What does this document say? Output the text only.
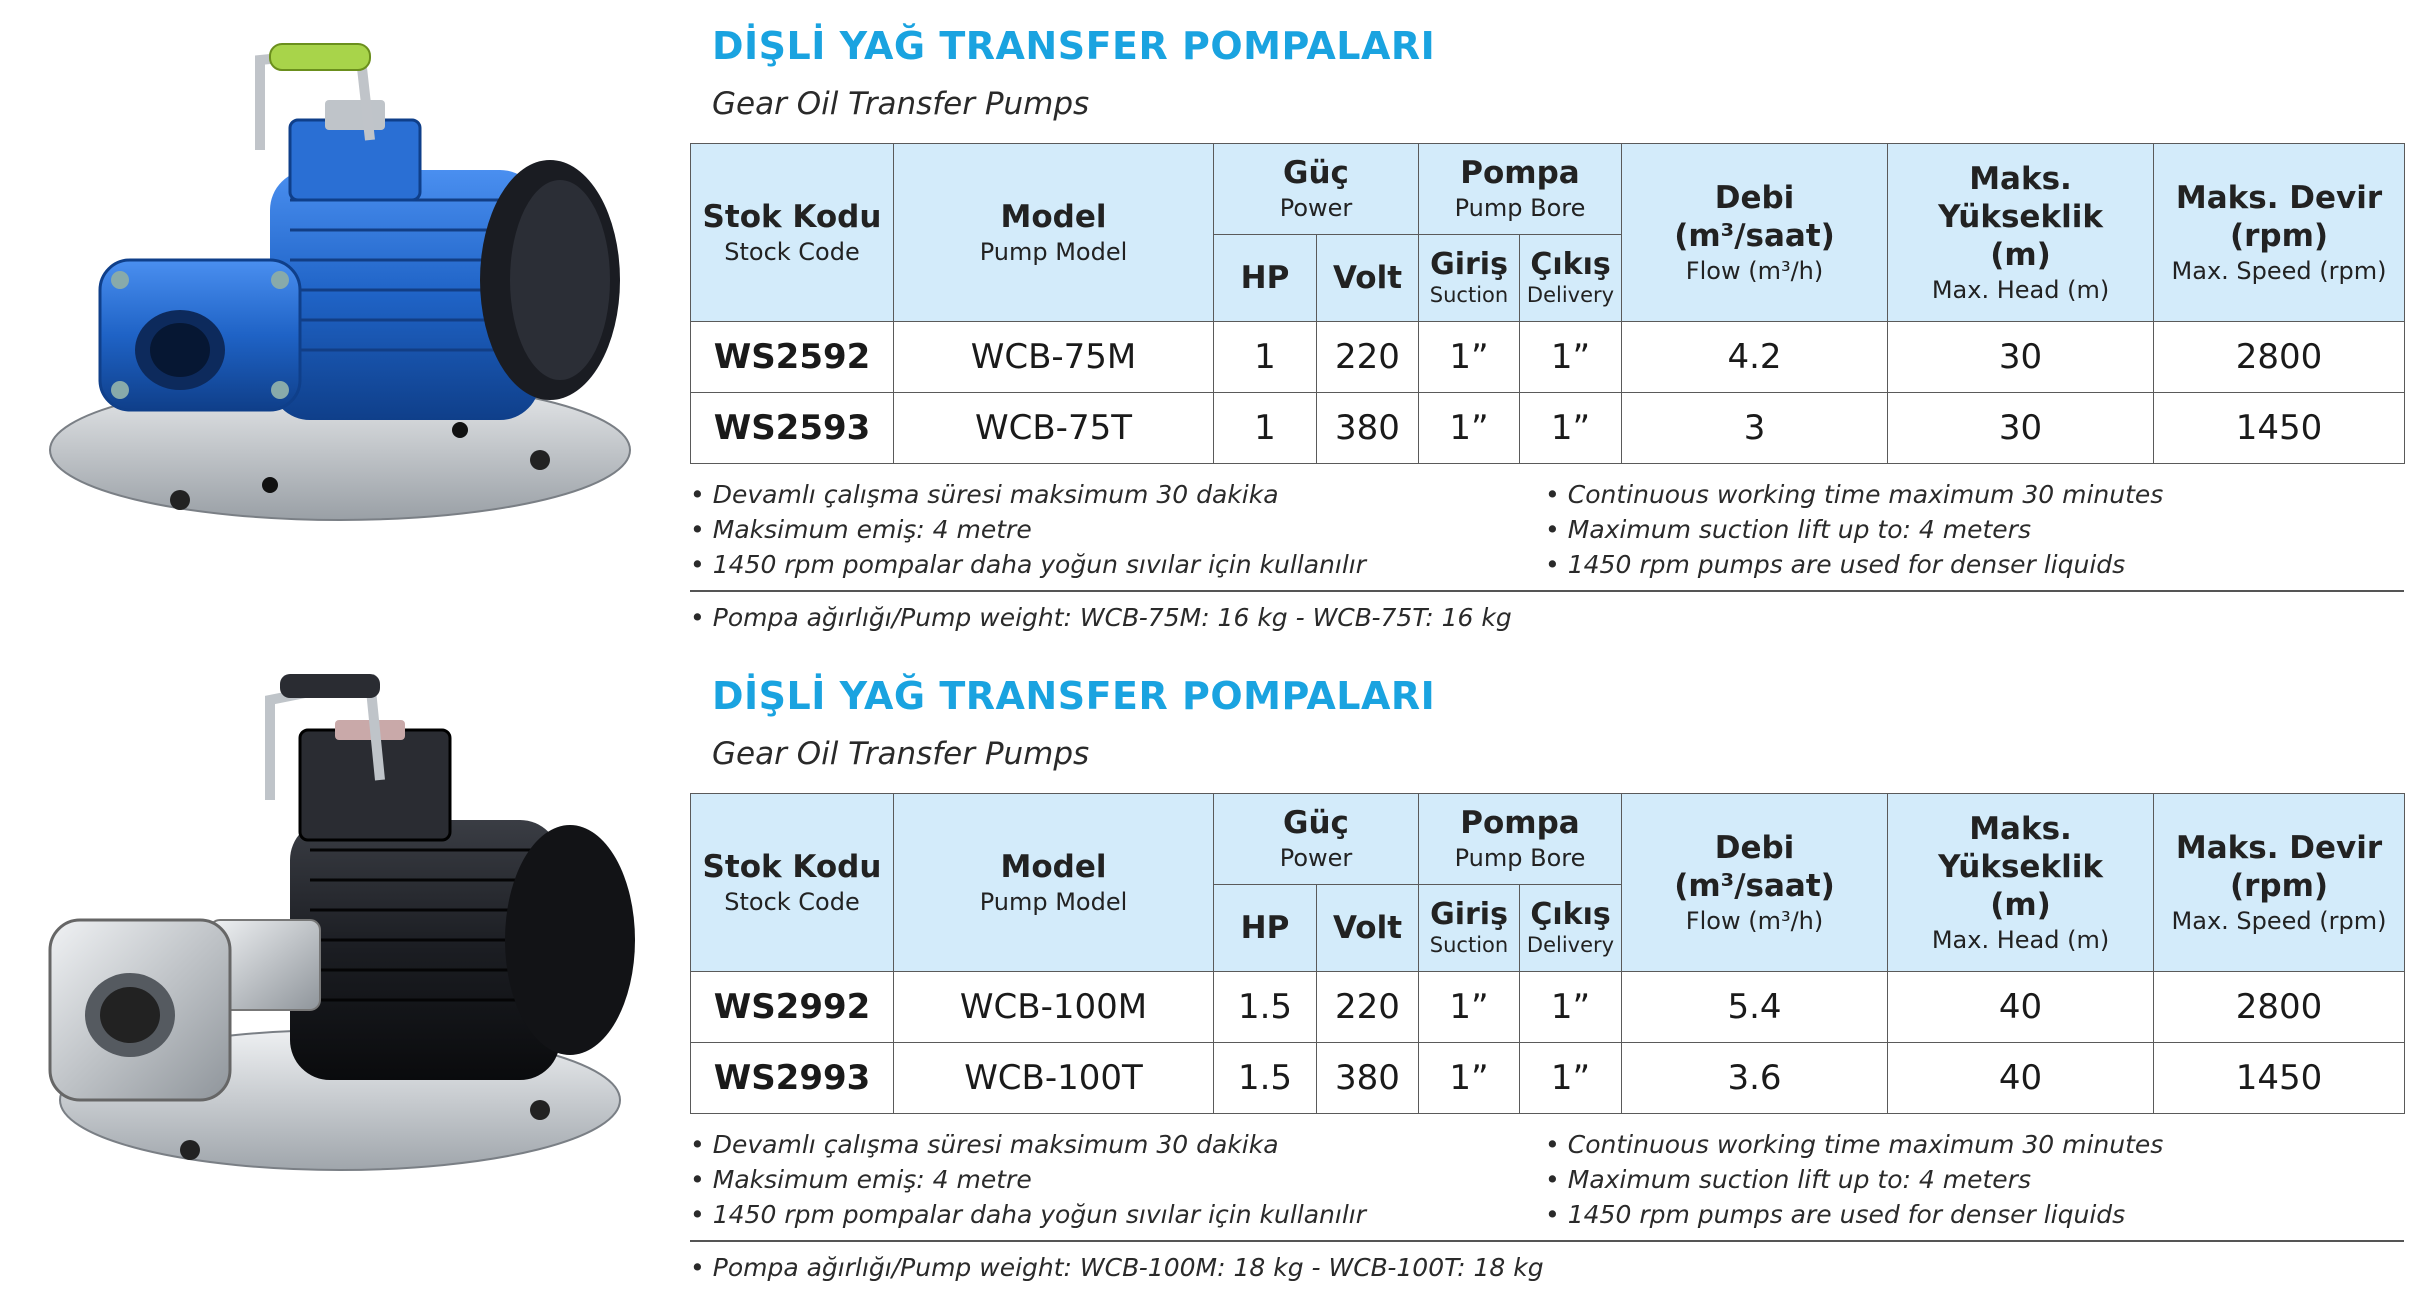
DİŞLİ YAĞ TRANSFER POMPALARI
Gear Oil Transfer Pumps
Stok Kodu
Stock Code	Model
Pump Model	Güç
Power		Pompa
Pump Bore		Debi
(m³/saat)
Flow (m³/h)	Maks.
Yükseklik
(m)
Max. Head (m)	Maks. Devir
(rpm)
Max. Speed (rpm)

		HP	Volt	Giriş
Suction	Çıkış
Delivery			

WS2592	WCB-75M	1	220	1”	1”	4.2	30	2800
WS2593	WCB-75T	1	380	1”	1”	3	30	1450
• Devamlı çalışma süresi maksimum 30 dakika
• Maksimum emiş: 4 metre
• 1450 rpm pompalar daha yoğun sıvılar için kullanılır
• Continuous working time maximum 30 minutes
• Maximum suction lift up to: 4 meters
• 1450 rpm pumps are used for denser liquids
• Pompa ağırlığı/Pump weight: WCB-75M: 16 kg - WCB-75T: 16 kg
DİŞLİ YAĞ TRANSFER POMPALARI
Gear Oil Transfer Pumps
Stok Kodu
Stock Code	Model
Pump Model	Güç
Power		Pompa
Pump Bore		Debi
(m³/saat)
Flow (m³/h)	Maks.
Yükseklik
(m)
Max. Head (m)	Maks. Devir
(rpm)
Max. Speed (rpm)

		HP	Volt	Giriş
Suction	Çıkış
Delivery			

WS2992	WCB-100M	1.5	220	1”	1”	5.4	40	2800
WS2993	WCB-100T	1.5	380	1”	1”	3.6	40	1450
• Devamlı çalışma süresi maksimum 30 dakika
• Maksimum emiş: 4 metre
• 1450 rpm pompalar daha yoğun sıvılar için kullanılır
• Continuous working time maximum 30 minutes
• Maximum suction lift up to: 4 meters
• 1450 rpm pumps are used for denser liquids
• Pompa ağırlığı/Pump weight: WCB-100M: 18 kg - WCB-100T: 18 kg
